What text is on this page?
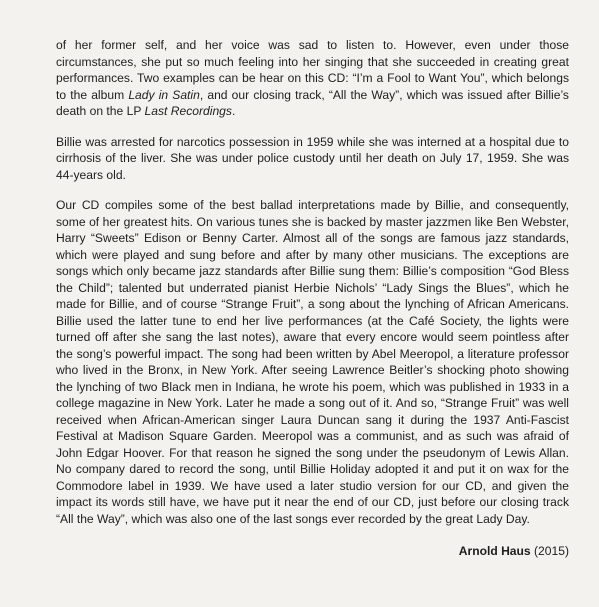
of her former self, and her voice was sad to listen to. However, even under those circumstances, she put so much feeling into her singing that she succeeded in creating great performances. Two examples can be hear on this CD: “I’m a Fool to Want You”, which belongs to the album Lady in Satin, and our closing track, “All the Way”, which was issued after Billie’s death on the LP Last Recordings.

Billie was arrested for narcotics possession in 1959 while she was interned at a hospital due to cirrhosis of the liver. She was under police custody until her death on July 17, 1959. She was 44-years old.

Our CD compiles some of the best ballad interpretations made by Billie, and consequently, some of her greatest hits. On various tunes she is backed by master jazzmen like Ben Webster, Harry “Sweets” Edison or Benny Carter. Almost all of the songs are famous jazz standards, which were played and sung before and after by many other musicians. The exceptions are songs which only became jazz standards after Billie sung them: Billie’s composition “God Bless the Child”; talented but underrated pianist Herbie Nichols’ “Lady Sings the Blues”, which he made for Billie, and of course “Strange Fruit”, a song about the lynching of African Americans. Billie used the latter tune to end her live performances (at the Café Society, the lights were turned off after she sang the last notes), aware that every encore would seem pointless after the song’s powerful impact. The song had been written by Abel Meeropol, a literature professor who lived in the Bronx, in New York. After seeing Lawrence Beitler’s shocking photo showing the lynching of two Black men in Indiana, he wrote his poem, which was published in 1933 in a college magazine in New York. Later he made a song out of it. And so, “Strange Fruit” was well received when African-American singer Laura Duncan sang it during the 1937 Anti-Fascist Festival at Madison Square Garden. Meeropol was a communist, and as such was afraid of John Edgar Hoover. For that reason he signed the song under the pseudonym of Lewis Allan. No company dared to record the song, until Billie Holiday adopted it and put it on wax for the Commodore label in 1939. We have used a later studio version for our CD, and given the impact its words still have, we have put it near the end of our CD, just before our closing track “All the Way”, which was also one of the last songs ever recorded by the great Lady Day.

Arnold Haus (2015)
